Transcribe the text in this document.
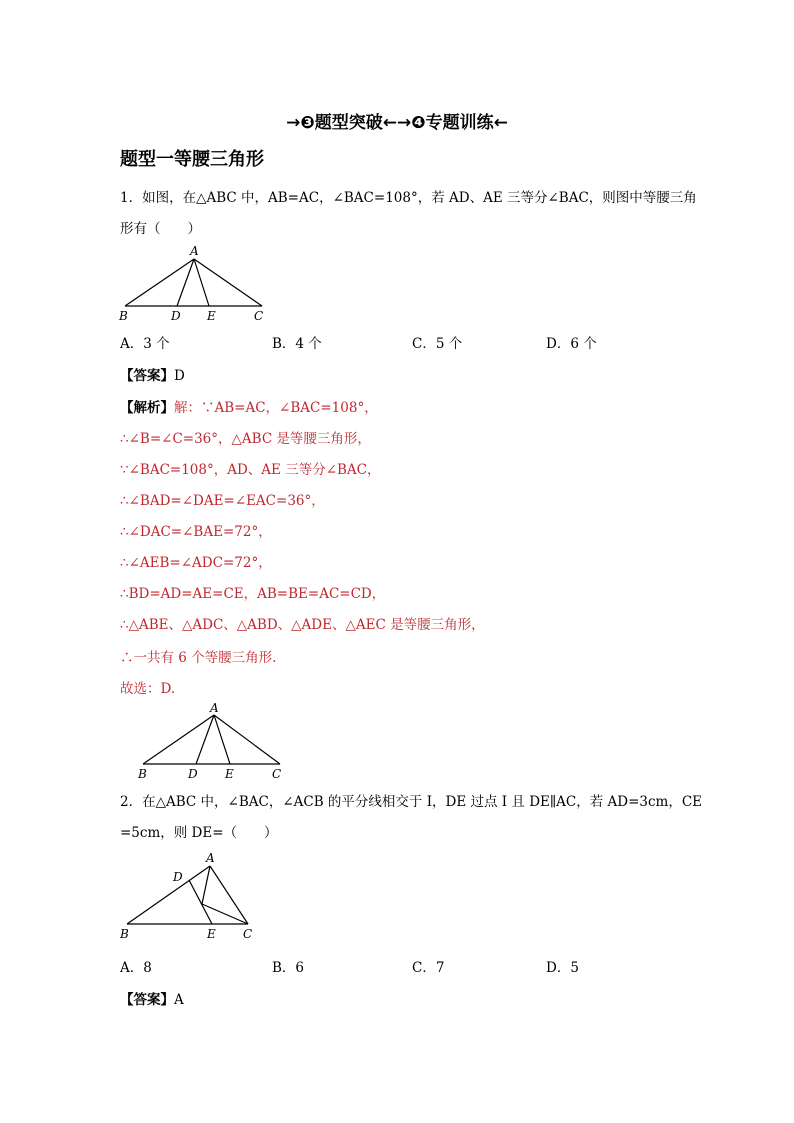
→❸题型突破←→❹专题训练←
题型一等腰三角形
1．如图，在△ABC 中，AB=AC，∠BAC=108°，若 AD、AE 三等分∠BAC，则图中等腰三角
形有（　　）
A
B	D E	C
A．3 个	B．4 个	C．5 个	D．6 个
【答案】D
【解析】解：∵AB=AC，∠BAC=108°，
∴∠B=∠C=36°，△ABC 是等腰三角形，
∵∠BAC=108°，AD、AE 三等分∠BAC，
∴∠BAD=∠DAE=∠EAC=36°，
∴∠DAC=∠BAE=72°，
∴∠AEB=∠ADC=72°，
∴BD=AD=AE=CE，AB=BE=AC=CD，
∴△ABE、△ADC、△ABD、△ADE、△AEC 是等腰三角形，
∴一共有 6 个等腰三角形.
故选：D.
A
B	D E	C
2．在△ABC 中，∠BAC，∠ACB 的平分线相交于 I，DE 过点 I 且 DE∥AC，若 AD=3cm，CE
=5cm，则 DE=（　　）
A
D
B	E C
A．8	B．6	C．7	D．5
【答案】A
